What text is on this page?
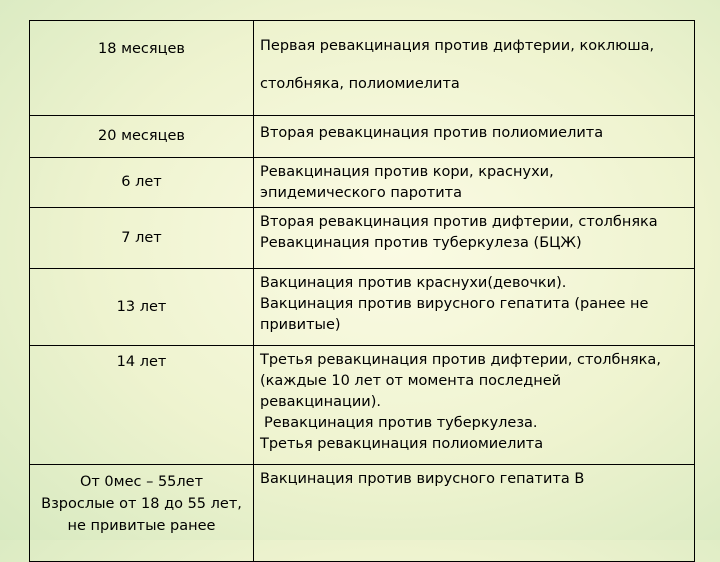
18 месяцев	Первая ревакцинация против дифтерии, коклюша,
столбняка, полиомиелита

20 месяцев	Вторая ревакцинация против полиомиелита

6 лет	Ревакцинация против кори, краснухи,
эпидемического паротита

7 лет	Вторая ревакцинация против дифтерии, столбняка
Ревакцинация против туберкулеза (БЦЖ)

13 лет	Вакцинация против краснухи(девочки).
Вакцинация против вирусного гепатита (ранее не
привитые)

14 лет	Третья ревакцинация против дифтерии, столбняка,
(каждые 10 лет от момента последней
ревакцинации).
Ревакцинация против туберкулеза.
Третья ревакцинация полиомиелита

От 0мес – 55лет
Взрослые от 18 до 55 лет,
не привитые ранее	Вакцинация против вирусного гепатита В
